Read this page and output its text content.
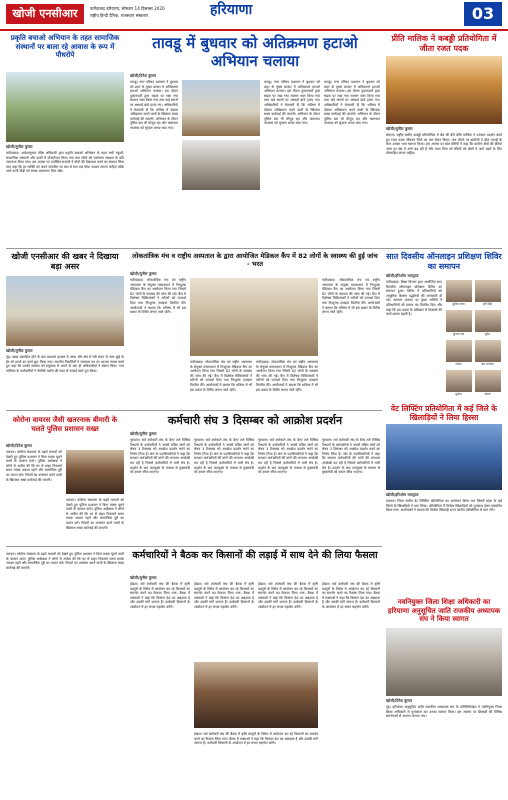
खोजी एनसीआर	फरीदाबाद हरियाणा, सोमवार 14 दिसम्बर 2020
राष्ट्रीय हिन्दी दैनिक, राजस्थान संस्करण	हरियाणा	03
प्रकृति बचाओ अभियान के तहत सामाजिक संस्थानों पर बाला रहे आवास के रूप में पौधरोपे
खोजी/सुनील कुमार
फरीदाबाद। आदेशानुसार वरिष्ठ अधिकारी द्वारा प्रकृति बचाओ अभियान के तहत सभी स्कूलों, सामाजिक संस्थानों और पार्कों में पौधारोपण किया गया तथा लोगों को पर्यावरण संरक्षण के प्रति जागरूक किया गया। इस अवसर पर उपस्थित सदस्यों ने पौधों की देखभाल करने का संकल्प लिया तथा कहा कि हर व्यक्ति को अपने जन्मदिन पर कम से कम एक पौधा अवश्य लगाना चाहिए ताकि आने वाली पीढ़ी को स्वच्छ वातावरण मिल सके।
तावडू में बुधवार को अतिक्रमण हटाओ अभियान चलाया
खोजी/दिनेश कुमार
तावडू। नगर परिषद प्रशासन ने बुधवार को शहर के मुख्य बाजार में अतिक्रमण हटाओ अभियान चलाया। इस दौरान दुकानदारों द्वारा सड़क पर रखा गया सामान जब्त किया गया तथा कई स्थानों पर अस्थाई ढांचे हटाए गए। अधिकारियों ने चेतावनी दी कि भविष्य में दोबारा अतिक्रमण करने वालों के खिलाफ सख्त कार्रवाई की जाएगी। अभियान के दौरान पुलिस बल भी मौजूद रहा और यातायात व्यवस्था को सुचारू बनाए रखा गया।
तावडू। नगर परिषद प्रशासन ने बुधवार को शहर के मुख्य बाजार में अतिक्रमण हटाओ अभियान चलाया। इस दौरान दुकानदारों द्वारा सड़क पर रखा गया सामान जब्त किया गया तथा कई स्थानों पर अस्थाई ढांचे हटाए गए। अधिकारियों ने चेतावनी दी कि भविष्य में दोबारा अतिक्रमण करने वालों के खिलाफ सख्त कार्रवाई की जाएगी। अभियान के दौरान पुलिस बल भी मौजूद रहा और यातायात व्यवस्था को सुचारू बनाए रखा गया।
तावडू। नगर परिषद प्रशासन ने बुधवार को शहर के मुख्य बाजार में अतिक्रमण हटाओ अभियान चलाया। इस दौरान दुकानदारों द्वारा सड़क पर रखा गया सामान जब्त किया गया तथा कई स्थानों पर अस्थाई ढांचे हटाए गए। अधिकारियों ने चेतावनी दी कि भविष्य में दोबारा अतिक्रमण करने वालों के खिलाफ सख्त कार्रवाई की जाएगी। अभियान के दौरान पुलिस बल भी मौजूद रहा और यातायात व्यवस्था को सुचारू बनाए रखा गया।
प्रीति मालिक ने कबड्डी प्रतियोगिता में जीता रजत पदक
खोजी/सुनील कुमार
सोहना। राष्ट्रीय स्तरीय कबड्डी प्रतियोगिता में क्षेत्र की बेटी प्रीति मालिक ने शानदार प्रदर्शन करते हुए रजत पदक जीतकर जिले का नाम रोशन किया। गांव लौटने पर ग्रामीणों ने ढोल नगाड़ों के साथ उसका भव्य स्वागत किया। इस अवसर पर खेल प्रेमियों ने कहा कि ग्रामीण क्षेत्रों की बेटियां आज हर क्षेत्र में आगे बढ़ रही हैं और माता पिता को बेटियों को खेलों में आगे बढ़ने के लिए प्रोत्साहित करना चाहिए।
खोजी एनसीआर की खबर ने दिखाया बड़ा असर
खोजी/सुनील कुमार
नूंह। खबर प्रकाशित होने के बाद प्रशासन हरकत में आया और क्षेत्र में लंबे समय से जमा कूड़े के ढेर को हटाने का कार्य शुरू किया गया। स्थानीय निवासियों ने समाचार पत्र का आभार व्यक्त करते हुए कहा कि उनकी समस्या को प्रमुखता से उठाने के बाद ही अधिकारियों ने संज्ञान लिया। नगर पालिका के कर्मचारियों ने जेसीबी मशीन की मदद से सफाई कार्य पूरा किया।
लोकतांत्रिक मंच व राष्ट्रीय अस्पताल के द्वारा आयोजित मेडिकल कैंप में 82 लोगों के स्वास्थ्य की हुई जांच - भरत
खोजी/सुनील कुमार
फरीदाबाद। लोकतांत्रिक मंच एवं राष्ट्रीय अस्पताल के संयुक्त तत्वावधान में निःशुल्क मेडिकल कैंप का आयोजन किया गया जिसमें 82 लोगों के स्वास्थ्य की जांच की गई। कैंप में विशेषज्ञ चिकित्सकों ने मरीजों को परामर्श दिया तथा निःशुल्क दवाइयां वितरित कीं। आयोजकों ने बताया कि भविष्य में भी इस प्रकार के शिविर लगाए जाते रहेंगे।
फरीदाबाद। लोकतांत्रिक मंच एवं राष्ट्रीय अस्पताल के संयुक्त तत्वावधान में निःशुल्क मेडिकल कैंप का आयोजन किया गया जिसमें 82 लोगों के स्वास्थ्य की जांच की गई। कैंप में विशेषज्ञ चिकित्सकों ने मरीजों को परामर्श दिया तथा निःशुल्क दवाइयां वितरित कीं। आयोजकों ने बताया कि भविष्य में भी इस प्रकार के शिविर लगाए जाते रहेंगे।
फरीदाबाद। लोकतांत्रिक मंच एवं राष्ट्रीय अस्पताल के संयुक्त तत्वावधान में निःशुल्क मेडिकल कैंप का आयोजन किया गया जिसमें 82 लोगों के स्वास्थ्य की जांच की गई। कैंप में विशेषज्ञ चिकित्सकों ने मरीजों को परामर्श दिया तथा निःशुल्क दवाइयां वितरित कीं। आयोजकों ने बताया कि भविष्य में भी इस प्रकार के शिविर लगाए जाते रहेंगे।
फरीदाबाद। लोकतांत्रिक मंच एवं राष्ट्रीय अस्पताल के संयुक्त तत्वावधान में निःशुल्क मेडिकल कैंप का आयोजन किया गया जिसमें 82 लोगों के स्वास्थ्य की जांच की गई। कैंप में विशेषज्ञ चिकित्सकों ने मरीजों को परामर्श दिया तथा निःशुल्क दवाइयां वितरित कीं। आयोजकों ने बताया कि भविष्य में भी इस प्रकार के शिविर लगाए जाते रहेंगे।
सात दिवसीय ऑनलाइन प्रशिक्षण शिविर का समापन
खोजी/हरिओम भारद्वाज
फरीदाबाद। शिक्षा विभाग द्वारा आयोजित सात दिवसीय ऑनलाइन प्रशिक्षण शिविर का समापन हुआ। शिविर में प्रतिभागियों को आधुनिक शिक्षण पद्धतियों की जानकारी दी गई। समापन अवसर पर मुख्य अतिथि ने प्रतिभागियों को प्रमाण पत्र वितरित किए और कहा कि इस प्रकार के प्रशिक्षण से शिक्षकों की कार्य क्षमता बढ़ती है।
सुनील राणा	हरि सिंह
सुभाष चंद	सुरेश
राजेश	जय भगवान
मुकेश	संजय
कोरोना वायरस जैसी खतरनाक बीमारी के चलते पुलिस प्रशासन सख्त
खोजी/दिनेश कुमार
पलवल। कोरोना संक्रमण के बढ़ते मामलों को देखते हुए पुलिस प्रशासन ने बिना मास्क घूमने वालों के चालान काटे। पुलिस अधीक्षक ने लोगों से अपील की कि घर से बाहर निकलते समय मास्क अवश्य पहनें और सामाजिक दूरी का पालन करें। नियमों का उल्लंघन करने वालों के खिलाफ सख्त कार्रवाई की जाएगी।
पलवल। कोरोना संक्रमण के बढ़ते मामलों को देखते हुए पुलिस प्रशासन ने बिना मास्क घूमने वालों के चालान काटे। पुलिस अधीक्षक ने लोगों से अपील की कि घर से बाहर निकलते समय मास्क अवश्य पहनें और सामाजिक दूरी का पालन करें। नियमों का उल्लंघन करने वालों के खिलाफ सख्त कार्रवाई की जाएगी।
कर्मचारी संघ 3 दिसम्बर को आक्रोश प्रदर्शन
खोजी/सुनील कुमार
गुरुग्राम। सर्व कर्मचारी संघ के बैनर तले विभिन्न विभागों के कर्मचारियों ने अपनी लंबित मांगों को लेकर 3 दिसम्बर को आक्रोश प्रदर्शन करने का निर्णय लिया है। संघ के पदाधिकारियों ने कहा कि सरकार कर्मचारियों की मांगों की लगातार अनदेखी कर रही है जिससे कर्मचारियों में भारी रोष है। प्रदर्शन के बाद उपायुक्त के माध्यम से मुख्यमंत्री को ज्ञापन सौंपा जाएगा।
गुरुग्राम। सर्व कर्मचारी संघ के बैनर तले विभिन्न विभागों के कर्मचारियों ने अपनी लंबित मांगों को लेकर 3 दिसम्बर को आक्रोश प्रदर्शन करने का निर्णय लिया है। संघ के पदाधिकारियों ने कहा कि सरकार कर्मचारियों की मांगों की लगातार अनदेखी कर रही है जिससे कर्मचारियों में भारी रोष है। प्रदर्शन के बाद उपायुक्त के माध्यम से मुख्यमंत्री को ज्ञापन सौंपा जाएगा।
गुरुग्राम। सर्व कर्मचारी संघ के बैनर तले विभिन्न विभागों के कर्मचारियों ने अपनी लंबित मांगों को लेकर 3 दिसम्बर को आक्रोश प्रदर्शन करने का निर्णय लिया है। संघ के पदाधिकारियों ने कहा कि सरकार कर्मचारियों की मांगों की लगातार अनदेखी कर रही है जिससे कर्मचारियों में भारी रोष है। प्रदर्शन के बाद उपायुक्त के माध्यम से मुख्यमंत्री को ज्ञापन सौंपा जाएगा।
गुरुग्राम। सर्व कर्मचारी संघ के बैनर तले विभिन्न विभागों के कर्मचारियों ने अपनी लंबित मांगों को लेकर 3 दिसम्बर को आक्रोश प्रदर्शन करने का निर्णय लिया है। संघ के पदाधिकारियों ने कहा कि सरकार कर्मचारियों की मांगों की लगातार अनदेखी कर रही है जिससे कर्मचारियों में भारी रोष है। प्रदर्शन के बाद उपायुक्त के माध्यम से मुख्यमंत्री को ज्ञापन सौंपा जाएगा।
वेट लिफ्टिंग प्रतियोगिता में कई जिले के खिलाड़ियों ने लिया हिस्सा
खोजी/हरिओम भारद्वाज
पलवल। जिला स्तरीय वेट लिफ्टिंग प्रतियोगिता का आयोजन किया गया जिसमें प्रदेश के कई जिलों के खिलाड़ियों ने भाग लिया। प्रतियोगिता में विजेता खिलाड़ियों को पुरस्कार देकर सम्मानित किया गया। आयोजकों ने बताया कि विजेता खिलाड़ी राज्य स्तरीय प्रतियोगिता में भाग लेंगे।
कर्मचारियों ने बैठक कर किसानों की लड़ाई में साथ देने की लिया फैसला
खोजी/सुनील कुमार
होडल। सर्व कर्मचारी संघ की बैठक में कृषि कानूनों के विरोध में आंदोलन कर रहे किसानों का समर्थन करने का फैसला लिया गया। बैठक में वक्ताओं ने कहा कि किसान देश का अन्नदाता है और उसकी मांगें जायज हैं। कर्मचारी किसानों के आंदोलन में हर संभव सहयोग करेंगे।
होडल। सर्व कर्मचारी संघ की बैठक में कृषि कानूनों के विरोध में आंदोलन कर रहे किसानों का समर्थन करने का फैसला लिया गया। बैठक में वक्ताओं ने कहा कि किसान देश का अन्नदाता है और उसकी मांगें जायज हैं। कर्मचारी किसानों के आंदोलन में हर संभव सहयोग करेंगे।
होडल। सर्व कर्मचारी संघ की बैठक में कृषि कानूनों के विरोध में आंदोलन कर रहे किसानों का समर्थन करने का फैसला लिया गया। बैठक में वक्ताओं ने कहा कि किसान देश का अन्नदाता है और उसकी मांगें जायज हैं। कर्मचारी किसानों के आंदोलन में हर संभव सहयोग करेंगे।
होडल। सर्व कर्मचारी संघ की बैठक में कृषि कानूनों के विरोध में आंदोलन कर रहे किसानों का समर्थन करने का फैसला लिया गया। बैठक में वक्ताओं ने कहा कि किसान देश का अन्नदाता है और उसकी मांगें जायज हैं। कर्मचारी किसानों के आंदोलन में हर संभव सहयोग करेंगे।
होडल। सर्व कर्मचारी संघ की बैठक में कृषि कानूनों के विरोध में आंदोलन कर रहे किसानों का समर्थन करने का फैसला लिया गया। बैठक में वक्ताओं ने कहा कि किसान देश का अन्नदाता है और उसकी मांगें जायज हैं। कर्मचारी किसानों के आंदोलन में हर संभव सहयोग करेंगे।
नवनियुक्त जिला शिक्षा अधिकारी का हरियाणा अनुसूचित जाति राजकीय अध्यापक संघ ने किया स्वागत
खोजी/दिनेश कुमार
नूंह। हरियाणा अनुसूचित जाति राजकीय अध्यापक संघ के प्रतिनिधिमंडल ने नवनियुक्त जिला शिक्षा अधिकारी से मुलाकात कर उनका स्वागत किया। इस अवसर पर शिक्षकों की विभिन्न समस्याओं से अवगत कराया गया।
पलवल। कोरोना संक्रमण के बढ़ते मामलों को देखते हुए पुलिस प्रशासन ने बिना मास्क घूमने वालों के चालान काटे। पुलिस अधीक्षक ने लोगों से अपील की कि घर से बाहर निकलते समय मास्क अवश्य पहनें और सामाजिक दूरी का पालन करें। नियमों का उल्लंघन करने वालों के खिलाफ सख्त कार्रवाई की जाएगी।
